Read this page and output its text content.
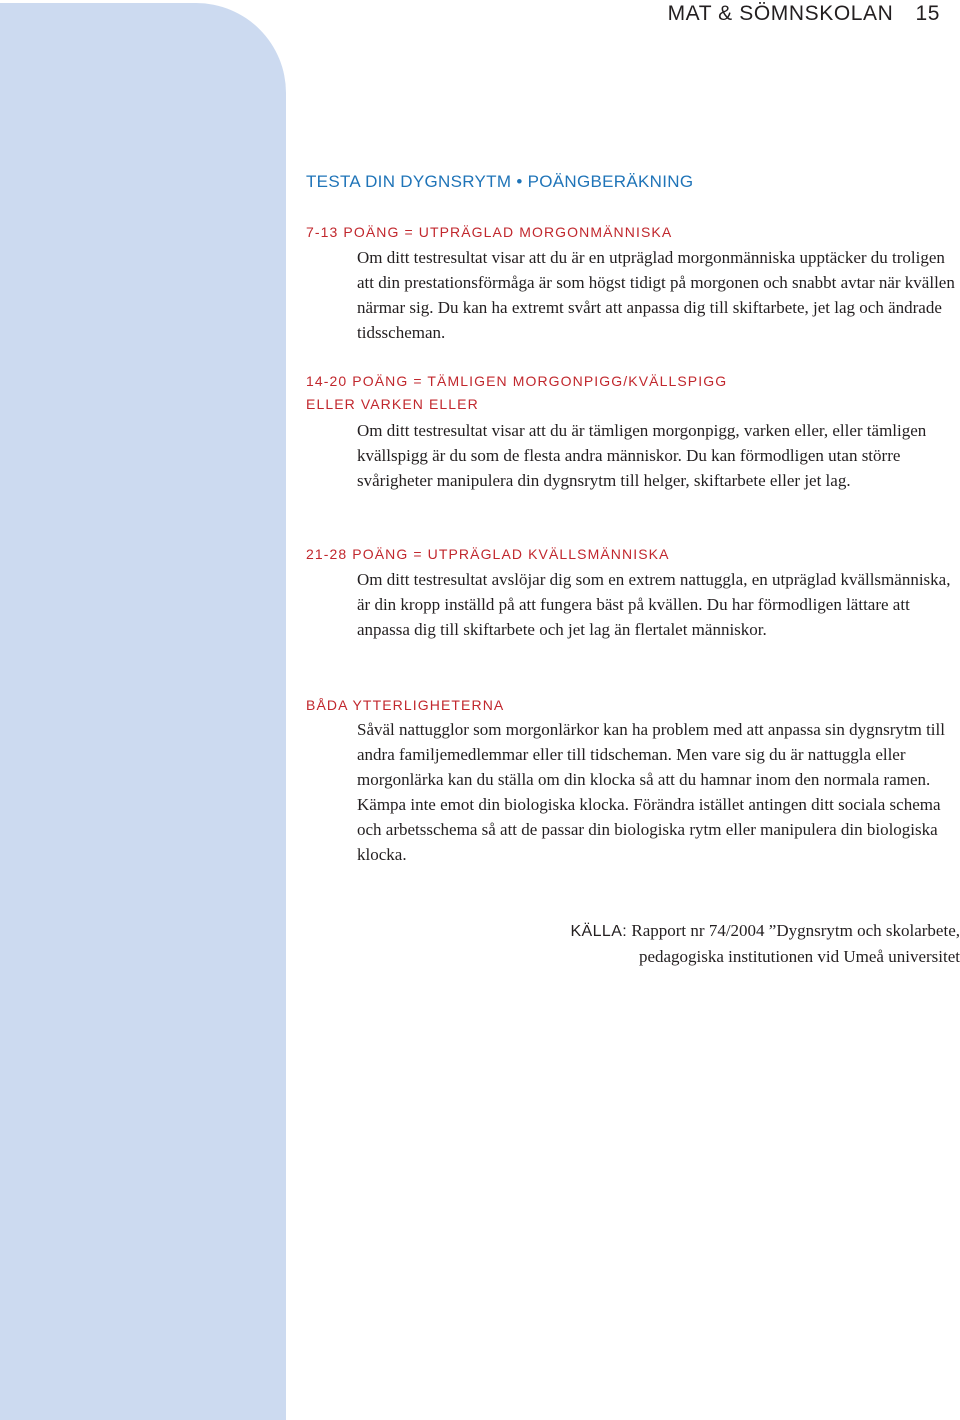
MAT & SÖMNSKOLAN 15
TESTA DIN DYGNSRYTM • POÄNGBERÄKNING
7-13 POÄNG = UTPRÄGLAD MORGONMÄNNISKA
Om ditt testresultat visar att du är en utpräglad morgonmänniska upptäcker du troligen att din prestationsförmåga är som högst tidigt på morgonen och snabbt avtar när kvällen närmar sig. Du kan ha extremt svårt att anpassa dig till skiftarbete, jet lag och ändrade tidsscheman.
14-20 POÄNG = TÄMLIGEN MORGONPIGG/KVÄLLSPIGG
ELLER VARKEN ELLER
Om ditt testresultat visar att du är tämligen morgonpigg, varken eller, eller tämligen kvällspigg är du som de flesta andra människor. Du kan förmodligen utan större svårigheter manipulera din dygnsrytm till helger, skiftarbete eller jet lag.
21-28 POÄNG = UTPRÄGLAD KVÄLLSMÄNNISKA
Om ditt testresultat avslöjar dig som en extrem nattuggla, en utpräglad kvällsmänniska, är din kropp inställd på att fungera bäst på kvällen. Du har förmodligen lättare att anpassa dig till skiftarbete och jet lag än flertalet människor.
BÅDA YTTERLIGHETERNA
Såväl nattugglor som morgonlärkor kan ha problem med att anpassa sin dygnsrytm till andra familjemedlemmar eller till tidscheman. Men vare sig du är nattuggla eller morgonlärka kan du ställa om din klocka så att du hamnar inom den normala ramen. Kämpa inte emot din biologiska klocka. Förändra istället antingen ditt sociala schema och arbetsschema så att de passar din biologiska rytm eller manipulera din biologiska klocka.
KÄLLA: Rapport nr 74/2004 ”Dygnsrytm och skolarbete,
pedagogiska institutionen vid Umeå universitet
